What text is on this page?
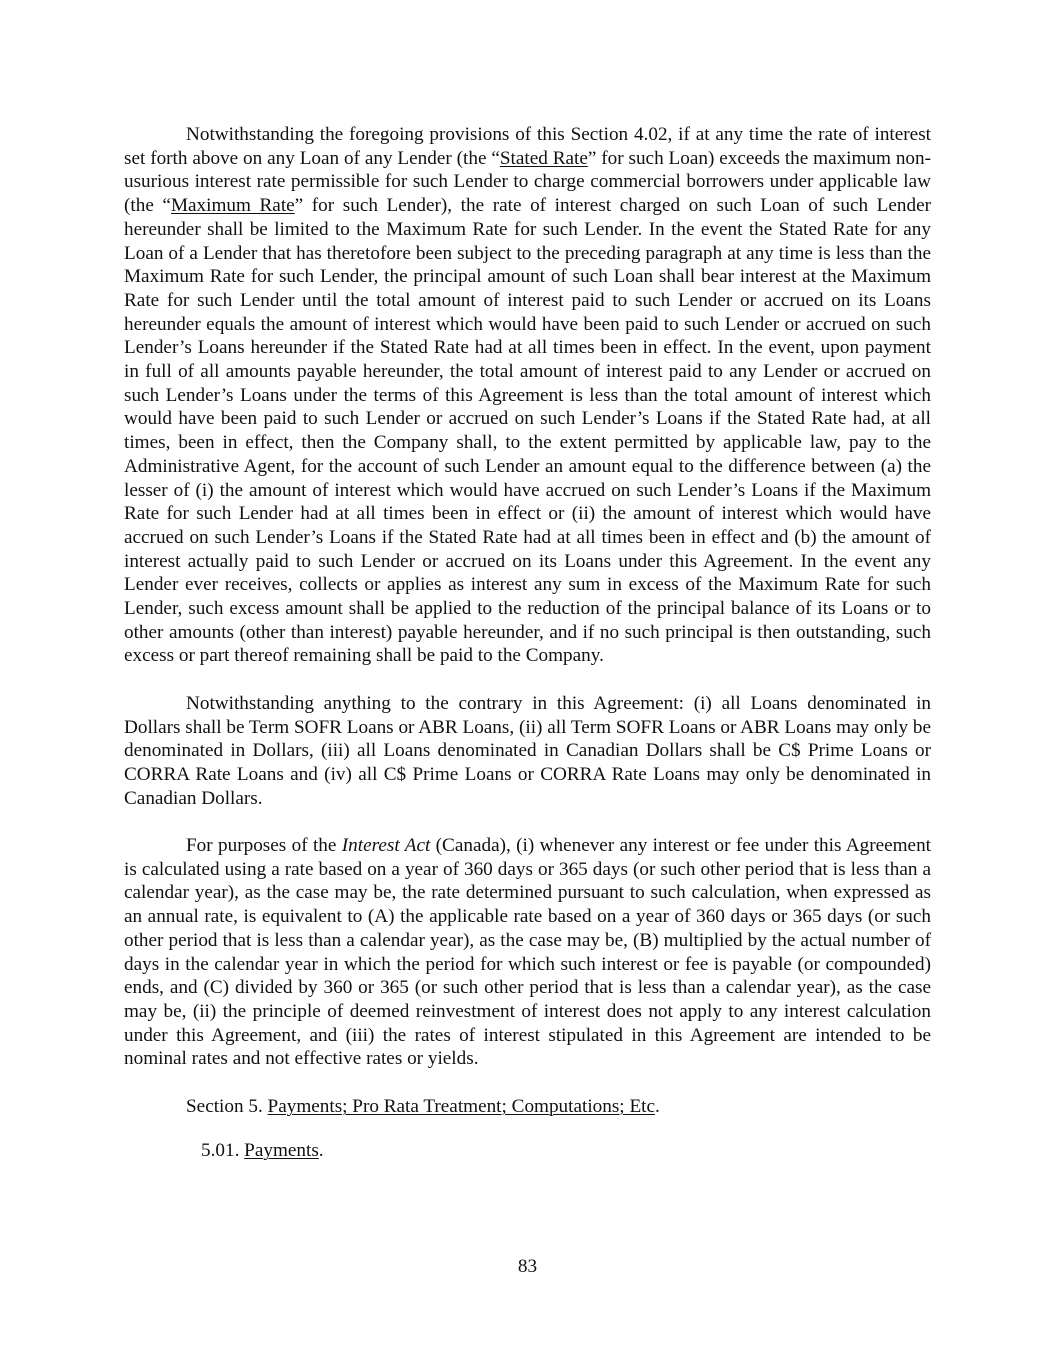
Notwithstanding the foregoing provisions of this Section 4.02, if at any time the rate of interest set forth above on any Loan of any Lender (the “Stated Rate” for such Loan) exceeds the maximum non-usurious interest rate permissible for such Lender to charge commercial borrowers under applicable law (the “Maximum Rate” for such Lender), the rate of interest charged on such Loan of such Lender hereunder shall be limited to the Maximum Rate for such Lender. In the event the Stated Rate for any Loan of a Lender that has theretofore been subject to the preceding paragraph at any time is less than the Maximum Rate for such Lender, the principal amount of such Loan shall bear interest at the Maximum Rate for such Lender until the total amount of interest paid to such Lender or accrued on its Loans hereunder equals the amount of interest which would have been paid to such Lender or accrued on such Lender’s Loans hereunder if the Stated Rate had at all times been in effect. In the event, upon payment in full of all amounts payable hereunder, the total amount of interest paid to any Lender or accrued on such Lender’s Loans under the terms of this Agreement is less than the total amount of interest which would have been paid to such Lender or accrued on such Lender’s Loans if the Stated Rate had, at all times, been in effect, then the Company shall, to the extent permitted by applicable law, pay to the Administrative Agent, for the account of such Lender an amount equal to the difference between (a) the lesser of (i) the amount of interest which would have accrued on such Lender’s Loans if the Maximum Rate for such Lender had at all times been in effect or (ii) the amount of interest which would have accrued on such Lender’s Loans if the Stated Rate had at all times been in effect and (b) the amount of interest actually paid to such Lender or accrued on its Loans under this Agreement. In the event any Lender ever receives, collects or applies as interest any sum in excess of the Maximum Rate for such Lender, such excess amount shall be applied to the reduction of the principal balance of its Loans or to other amounts (other than interest) payable hereunder, and if no such principal is then outstanding, such excess or part thereof remaining shall be paid to the Company.

Notwithstanding anything to the contrary in this Agreement: (i) all Loans denominated in Dollars shall be Term SOFR Loans or ABR Loans, (ii) all Term SOFR Loans or ABR Loans may only be denominated in Dollars, (iii) all Loans denominated in Canadian Dollars shall be C$ Prime Loans or CORRA Rate Loans and (iv) all C$ Prime Loans or CORRA Rate Loans may only be denominated in Canadian Dollars.

For purposes of the Interest Act (Canada), (i) whenever any interest or fee under this Agreement is calculated using a rate based on a year of 360 days or 365 days (or such other period that is less than a calendar year), as the case may be, the rate determined pursuant to such calculation, when expressed as an annual rate, is equivalent to (A) the applicable rate based on a year of 360 days or 365 days (or such other period that is less than a calendar year), as the case may be, (B) multiplied by the actual number of days in the calendar year in which the period for which such interest or fee is payable (or compounded) ends, and (C) divided by 360 or 365 (or such other period that is less than a calendar year), as the case may be, (ii) the principle of deemed reinvestment of interest does not apply to any interest calculation under this Agreement, and (iii) the rates of interest stipulated in this Agreement are intended to be nominal rates and not effective rates or yields.

Section 5. Payments; Pro Rata Treatment; Computations; Etc.

5.01. Payments.

83
